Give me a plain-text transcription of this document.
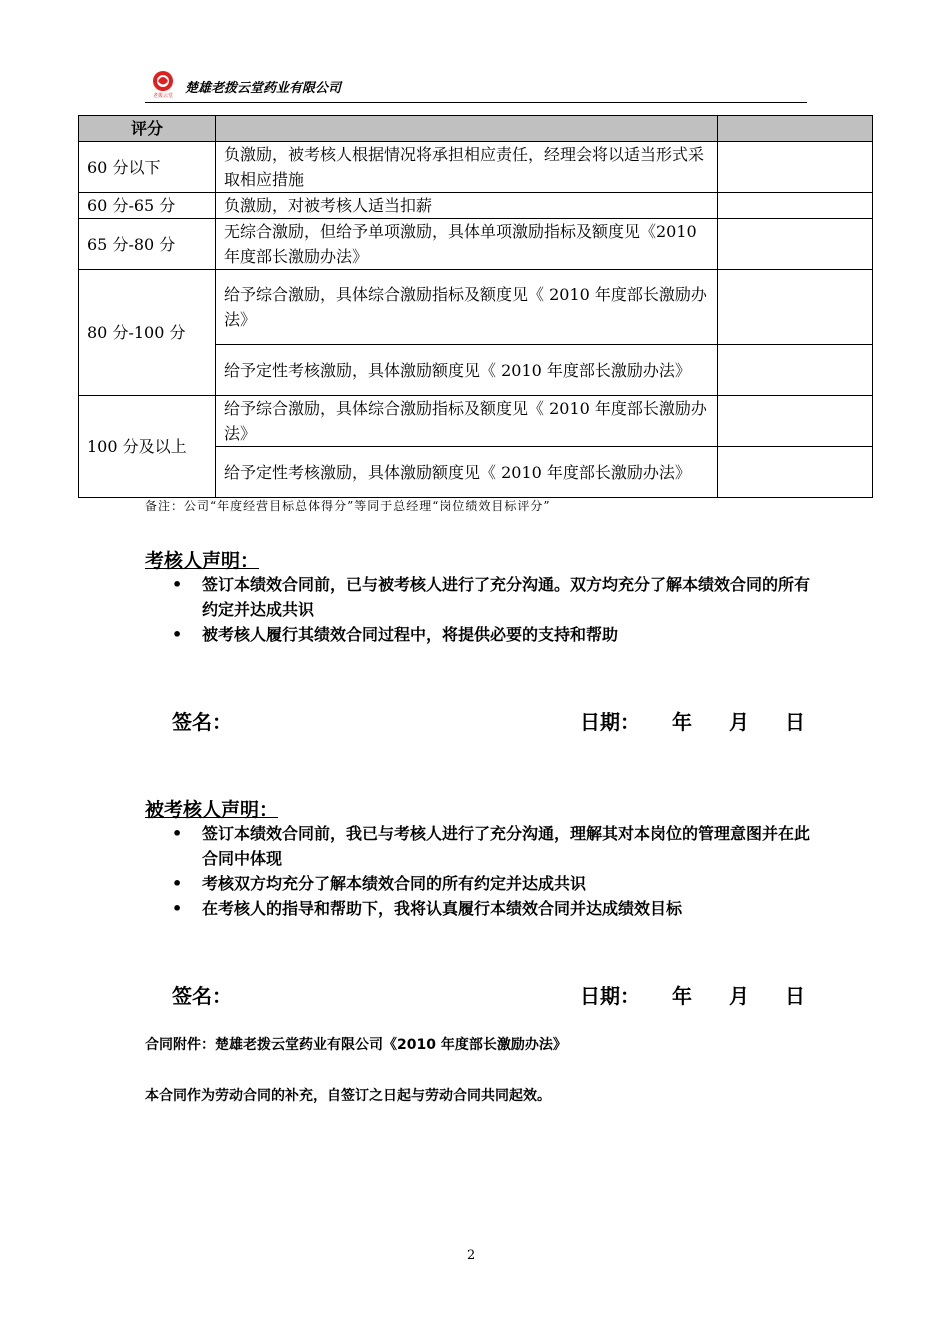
老拨云堂 楚雄老拨云堂药业有限公司
评分		
60 分以下	负激励，被考核人根据情况将承担相应责任，经理会将以适当形式采取相应措施	
60 分-65 分	负激励，对被考核人适当扣薪	
65 分-80 分	无综合激励，但给予单项激励，具体单项激励指标及额度见《2010 年度部长激励办法》	
80 分-100 分	给予综合激励，具体综合激励指标及额度见《 2010 年度部长激励办法》	
	给予定性考核激励，具体激励额度见《 2010 年度部长激励办法》	
100 分及以上	给予综合激励，具体综合激励指标及额度见《 2010 年度部长激励办法》	
	给予定性考核激励，具体激励额度见《 2010 年度部长激励办法》	
备注：公司“年度经营目标总体得分”等同于总经理“岗位绩效目标评分”
考核人声明：
• 签订本绩效合同前，已与被考核人进行了充分沟通。双方均充分了解本绩效合同的所有约定并达成共识
• 被考核人履行其绩效合同过程中，将提供必要的支持和帮助
签名：	日期： 年 月 日
被考核人声明：
• 签订本绩效合同前，我已与考核人进行了充分沟通，理解其对本岗位的管理意图并在此合同中体现
• 考核双方均充分了解本绩效合同的所有约定并达成共识
• 在考核人的指导和帮助下，我将认真履行本绩效合同并达成绩效目标
签名：	日期： 年 月 日
合同附件：楚雄老拨云堂药业有限公司《2010 年度部长激励办法》
本合同作为劳动合同的补充，自签订之日起与劳动合同共同起效。
2
